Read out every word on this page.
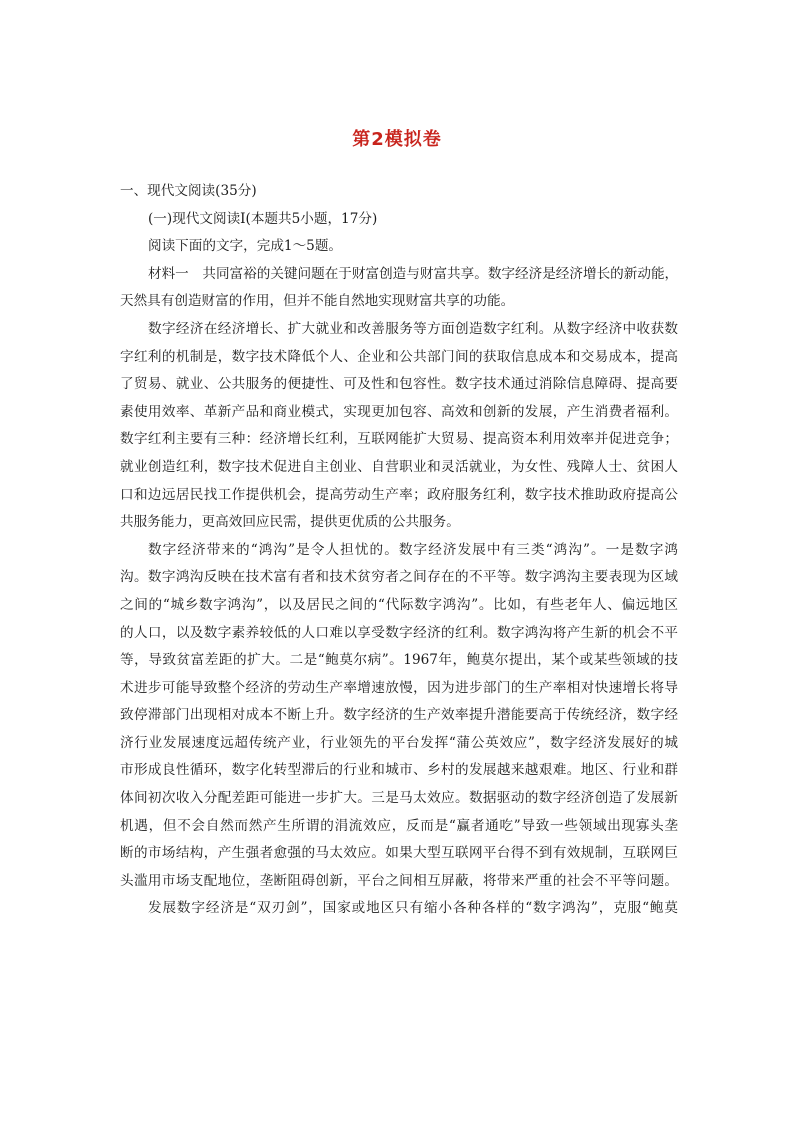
第2模拟卷
一、现代文阅读(35分)
(一)现代文阅读Ⅰ(本题共5小题，17分)
阅读下面的文字，完成1～5题。
材料一　共同富裕的关键问题在于财富创造与财富共享。数字经济是经济增长的新动能，
天然具有创造财富的作用，但并不能自然地实现财富共享的功能。
数字经济在经济增长、扩大就业和改善服务等方面创造数字红利。从数字经济中收获数
字红利的机制是，数字技术降低个人、企业和公共部门间的获取信息成本和交易成本，提高
了贸易、就业、公共服务的便捷性、可及性和包容性。数字技术通过消除信息障碍、提高要
素使用效率、革新产品和商业模式，实现更加包容、高效和创新的发展，产生消费者福利。
数字红利主要有三种：经济增长红利，互联网能扩大贸易、提高资本利用效率并促进竞争；
就业创造红利，数字技术促进自主创业、自营职业和灵活就业，为女性、残障人士、贫困人
口和边远居民找工作提供机会，提高劳动生产率；政府服务红利，数字技术推助政府提高公
共服务能力，更高效回应民需，提供更优质的公共服务。
数字经济带来的“鸿沟”是令人担忧的。数字经济发展中有三类“鸿沟”。一是数字鸿
沟。数字鸿沟反映在技术富有者和技术贫穷者之间存在的不平等。数字鸿沟主要表现为区域
之间的“城乡数字鸿沟”，以及居民之间的“代际数字鸿沟”。比如，有些老年人、偏远地区
的人口，以及数字素养较低的人口难以享受数字经济的红利。数字鸿沟将产生新的机会不平
等，导致贫富差距的扩大。二是“鲍莫尔病”。1967年，鲍莫尔提出，某个或某些领域的技
术进步可能导致整个经济的劳动生产率增速放慢，因为进步部门的生产率相对快速增长将导
致停滞部门出现相对成本不断上升。数字经济的生产效率提升潜能要高于传统经济，数字经
济行业发展速度远超传统产业，行业领先的平台发挥“蒲公英效应”，数字经济发展好的城
市形成良性循环，数字化转型滞后的行业和城市、乡村的发展越来越艰难。地区、行业和群
体间初次收入分配差距可能进一步扩大。三是马太效应。数据驱动的数字经济创造了发展新
机遇，但不会自然而然产生所谓的涓流效应，反而是“赢者通吃”导致一些领域出现寡头垄
断的市场结构，产生强者愈强的马太效应。如果大型互联网平台得不到有效规制，互联网巨
头滥用市场支配地位，垄断阻碍创新，平台之间相互屏蔽，将带来严重的社会不平等问题。
发展数字经济是“双刃剑”，国家或地区只有缩小各种各样的“数字鸿沟”，克服“鲍莫
